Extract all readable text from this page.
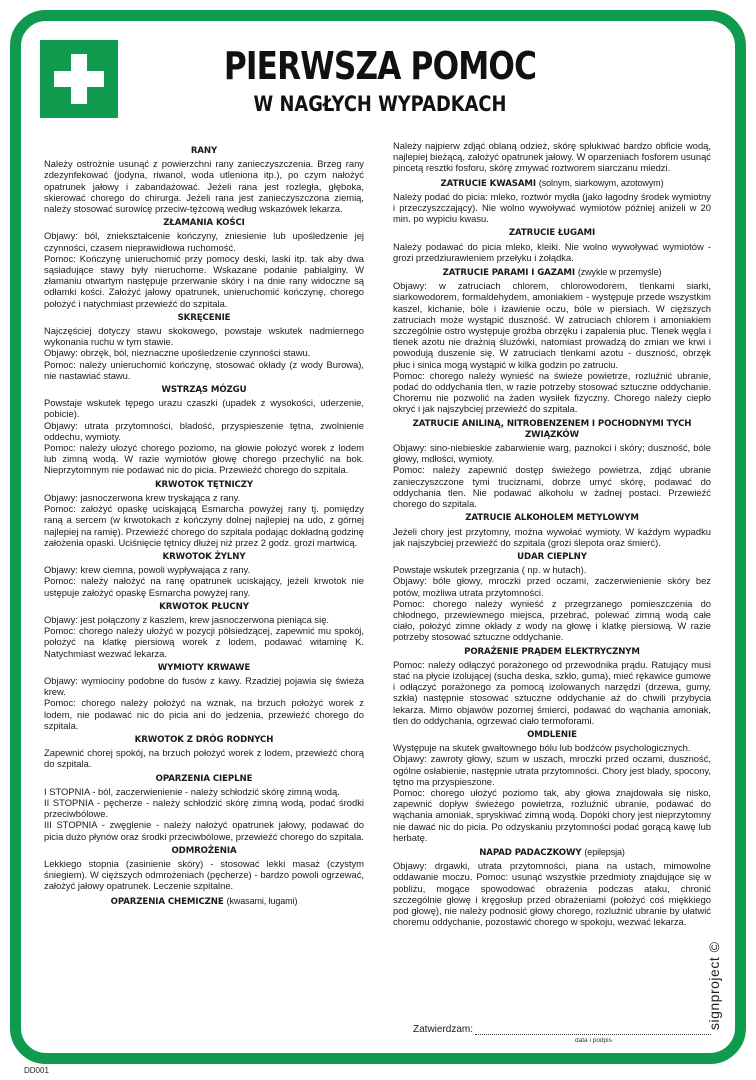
PIERWSZA POMOC
W NAGŁYCH WYPADKACH
RANY

Należy ostrożnie usunąć z powierzchni rany zanieczyszczenia. Brzeg rany zdezynfekować (jodyna, riwanol, woda utleniona itp.), po czym nałożyć opatrunek jałowy i zabandażować. Jeżeli rana jest rozległa, głęboka, skierować chorego do chirurga. Jeżeli rana jest zanieczyszczona ziemią, należy stosować surowicę przeciw-tężcową według wskazówek lekarza.

ZŁAMANIA KOŚCI

Objawy: ból, zniekształcenie kończyny, zniesienie lub upośledzenie jej czynności, czasem nieprawidłowa ruchomość.

Pomoc: Kończynę unieruchomić przy pomocy deski, laski itp. tak aby dwa sąsiadujące stawy były nieruchome. Wskazane podanie pabialginy. W złamaniu otwartym następuje przerwanie skóry i na dnie rany widoczne są odłamki kości. Założyć jałowy opatrunek, unieruchomić kończynę, chorego położyć i natychmiast przewieźć do szpitala.

SKRĘCENIE

Najczęściej dotyczy stawu skokowego, powstaje wskutek nadmiernego wykonania ruchu w tym stawie.

Objawy: obrzęk, ból, nieznaczne upośledzenie czynności stawu.

Pomoc: należy unieruchomić kończynę, stosować okłady (z wody Burowa), nie nastawiać stawu.

WSTRZĄS MÓZGU

Powstaje wskutek tępego urazu czaszki (upadek z wysokości, uderzenie, pobicie).

Objawy: utrata przytomności, bladość, przyspieszenie tętna, zwolnienie oddechu, wymioty.

Pomoc: należy ułożyć chorego poziomo, na głowie położyć worek z lodem lub zimną wodą. W razie wymiotów głowę chorego przechylić na bok. Nieprzytomnym nie podawać nic do picia. Przewieźć chorego do szpitala.

KRWOTOK TĘTNICZY

Objawy: jasnoczerwona krew tryskająca z rany.

Pomoc: założyć opaskę uciskającą Esmarcha powyżej rany tj. pomiędzy raną a sercem (w krwotokach z kończyny dolnej najlepiej na udo, z górnej najlepiej na ramię). Przewieźć chorego do szpitala podając dokładną godzinę założenia opaski. Uciśnięcie tętnicy dłużej niż przez 2 godz. grozi martwicą.

KRWOTOK ŻYLNY

Objawy: krew ciemna, powoli wypływająca z rany.

Pomoc: należy nałożyć na ranę opatrunek uciskający, jeżeli krwotok nie ustępuje założyć opaskę Esmarcha powyżej rany.

KRWOTOK PŁUCNY

Objawy: jest połączony z kaszlem, krew jasnoczerwona pieniąca się.

Pomoc: chorego należy ułożyć w pozycji półsiedzącej, zapewnić mu spokój, położyć na klatkę piersiową worek z lodem, podawać witaminę K. Natychmiast wezwać lekarza.

WYMIOTY KRWAWE

Objawy: wymiociny podobne do fusów z kawy. Rzadziej pojawia się świeża krew.

Pomoc: chorego należy położyć na wznak, na brzuch położyć worek z lodem, nie podawać nic do picia ani do jedzenia, przewieźć chorego do szpitala.

KRWOTOK Z DRÓG RODNYCH

Zapewnić chorej spokój, na brzuch położyć worek z lodem, przewieźć chorą do szpitala.

OPARZENIA CIEPLNE

I STOPNIA - ból, zaczerwienienie - należy schłodzić skórę zimną wodą.

II STOPNIA - pęcherze - należy schłodzić skórę zimną wodą, podać środki przeciwbólowe.

III STOPNIA - zwęglenie - należy nałożyć opatrunek jałowy, podawać do picia dużo płynów oraz środki przeciwbólowe, przewieźć chorego do szpitala.

ODMROŻENIA

Lekkiego stopnia (zasinienie skóry) - stosować lekki masaż (czystym śniegiem). W cięższych odmrożeniach (pęcherze) - bardzo powoli ogrzewać, założyć jałowy opatrunek. Leczenie szpitalne.

OPARZENIA CHEMICZNE (kwasami, ługami)

Należy najpierw zdjąć oblaną odzież, skórę spłukiwać bardzo obficie wodą, najlepiej bieżącą, założyć opatrunek jałowy. W oparzeniach fosforem usunąć pincetą resztki fosforu, skórę zmywać roztworem siarczanu miedzi.

ZATRUCIE KWASAMI (solnym, siarkowym, azotowym)

Należy podać do picia: mleko, roztwór mydła (jako łagodny środek wymiotny i przeczyszczający). Nie wolno wywoływać wymiotów później aniżeli w 20 min. po wypiciu kwasu.

ZATRUCIE ŁUGAMI

Należy podawać do picia mleko, kleiki. Nie wolno wywoływać wymiotów - grozi przedziurawieniem przełyku i żołądka.

ZATRUCIE PARAMI I GAZAMI (zwykle w przemyśle)

Objawy: w zatruciach chlorem, chlorowodorem, tlenkami siarki, siarkowodorem, formaldehydem, amoniakiem - występuje przede wszystkim kaszel, kichanie, bóle i łzawienie oczu, bóle w piersiach. W cięższych zatruciach może wystąpić duszność. W zatruciach chlorem i amoniakiem szczególnie ostro występuje groźba obrzęku i zapalenia płuc. Tlenek węgla i tlenek azotu nie drażnią śluzówki, natomiast prowadzą do zmian we krwi i powodują duszenie się. W zatruciach tlenkami azotu - duszność, obrzęk płuc i sinica mogą wystąpić w kilka godzin po zatruciu.

Pomoc: chorego należy wynieść na świeże powietrze, rozluźnić ubranie, podać do oddychania tlen, w razie potrzeby stosować sztuczne oddychanie. Choremu nie pozwolić na żaden wysiłek fizyczny. Chorego należy ciepło okryć i jak najszybciej przewieźć do szpitala.

ZATRUCIE ANILINĄ, NITROBENZENEM I POCHODNYMI TYCH ZWIĄZKÓW

Objawy: sino-niebieskie zabarwienie warg, paznokci i skóry; duszność, bóle głowy, mdłości, wymioty.

Pomoc: należy zapewnić dostęp świeżego powietrza, zdjąć ubranie zanieczyszczone tymi truciznami, dobrze umyć skórę, podawać do oddychania tlen. Nie podawać alkoholu w żadnej postaci. Przewieźć chorego do szpitala.

ZATRUCIE ALKOHOLEM METYLOWYM

Jeżeli chory jest przytomny, można wywołać wymioty. W każdym wypadku jak najszybciej przewieźć do szpitala (grozi ślepota oraz śmierć).

UDAR CIEPLNY

Powstaje wskutek przegrzania ( np. w hutach).

Objawy: bóle głowy, mroczki przed oczami, zaczerwienienie skóry bez potów, możliwa utrata przytomności.

Pomoc: chorego należy wynieść z przegrzanego pomieszczenia do chłodnego, przewiewnego miejsca, przebrać, polewać zimną wodą całe ciało, położyć zimne okłady z wody na głowę i klatkę piersiową. W razie potrzeby stosować sztuczne oddychanie.

PORAŻENIE PRĄDEM ELEKTRYCZNYM

Pomoc: należy odłączyć porażonego od przewodnika prądu. Ratujący musi stać na płycie izolującej (sucha deska, szkło, guma), mieć rękawice gumowe i odłączyć porażonego za pomocą izolowanych narzędzi (drzewa, gumy, szkła) następnie stosować sztuczne oddychanie aż do chwili przybycia lekarza. Mimo objawów pozornej śmierci, podawać do wąchania amoniak, tlen do oddychania, ogrzewać ciało termoforami.

OMDLENIE

Występuje na skutek gwałtownego bólu lub bodźców psychologicznych.

Objawy: zawroty głowy, szum w uszach, mroczki przed oczami, duszność, ogólne osłabienie, następnie utrata przytomności. Chory jest blady, spocony, tętno ma przyspieszone.

Pomoc: chorego ułożyć poziomo tak, aby głowa znajdowała się nisko, zapewnić dopływ świeżego powietrza, rozluźnić ubranie, podawać do wąchania amoniak, spryskiwać zimną wodą. Dopóki chory jest nieprzytomny nie dawać nic do picia. Po odzyskaniu przytomności podać gorącą kawę lub herbatę.

NAPAD PADACZKOWY (epilepsja)

Objawy: drgawki, utrata przytomności, piana na ustach, mimowolne oddawanie moczu. Pomoc: usunąć wszystkie przedmioty znajdujące się w pobliżu, mogące spowodować obrażenia podczas ataku, chronić szczególnie głowę i kręgosłup przed obrażeniami (położyć coś miękkiego pod głowę), nie należy podnosić głowy chorego, rozluźnić ubranie by ułatwić choremu oddychanie, pozostawić chorego w spokoju, wezwać lekarza.

Zatwierdzam:
data i podpis
signproject ©
DD001
